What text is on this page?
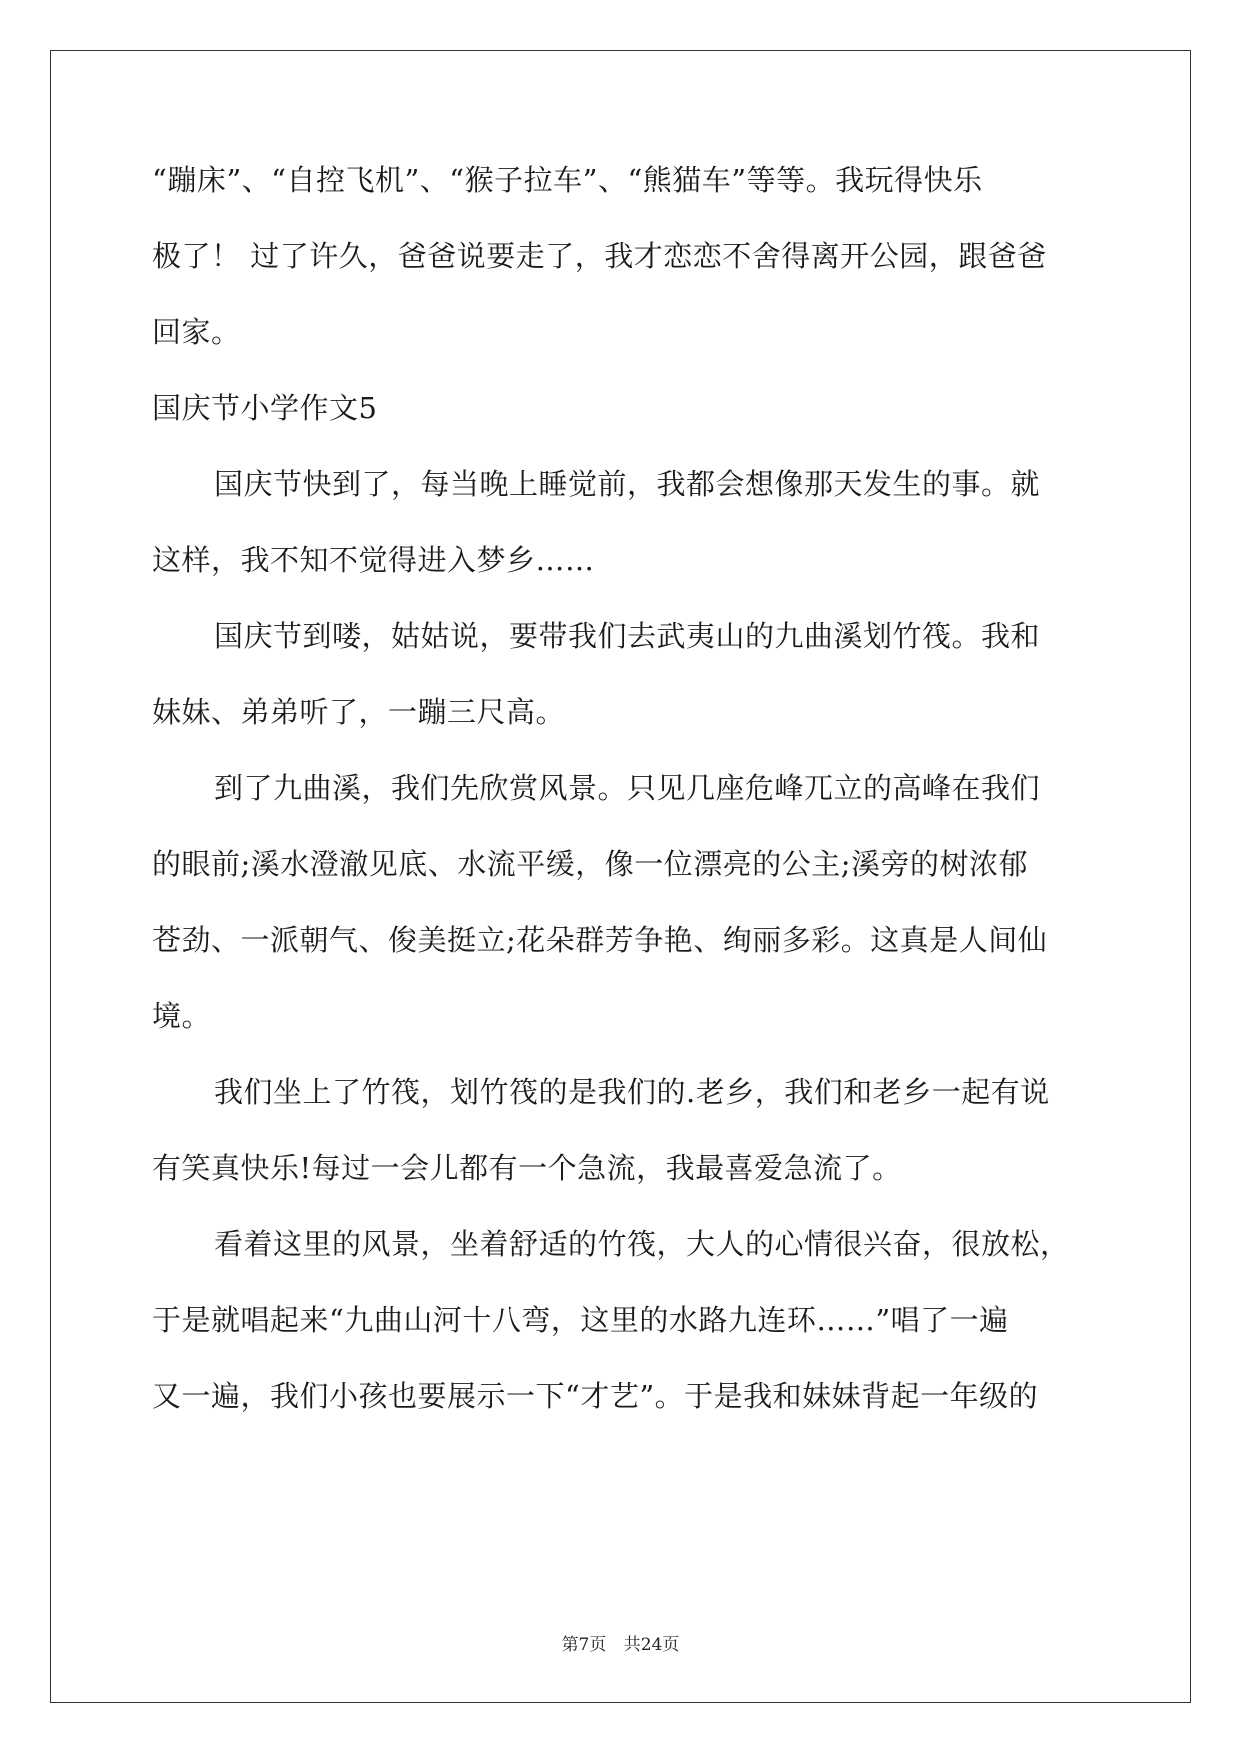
“蹦床”、“自控飞机”、“猴子拉车”、“熊猫车”等等。我玩得快乐
极了！ 过了许久，爸爸说要走了，我才恋恋不舍得离开公园，跟爸爸
回家。
国庆节小学作文5
国庆节快到了，每当晚上睡觉前，我都会想像那天发生的事。就
这样，我不知不觉得进入梦乡……
国庆节到喽，姑姑说，要带我们去武夷山的九曲溪划竹筏。我和
妹妹、弟弟听了，一蹦三尺高。
到了九曲溪，我们先欣赏风景。只见几座危峰兀立的高峰在我们
的眼前;溪水澄澈见底、水流平缓，像一位漂亮的公主;溪旁的树浓郁
苍劲、一派朝气、俊美挺立;花朵群芳争艳、绚丽多彩。这真是人间仙
境。
我们坐上了竹筏，划竹筏的是我们的.老乡，我们和老乡一起有说
有笑真快乐!每过一会儿都有一个急流，我最喜爱急流了。
看着这里的风景，坐着舒适的竹筏，大人的心情很兴奋，很放松，
于是就唱起来“九曲山河十八弯，这里的水路九连环……”唱了一遍
又一遍，我们小孩也要展示一下“才艺”。于是我和妹妹背起一年级的
第7页 共24页
